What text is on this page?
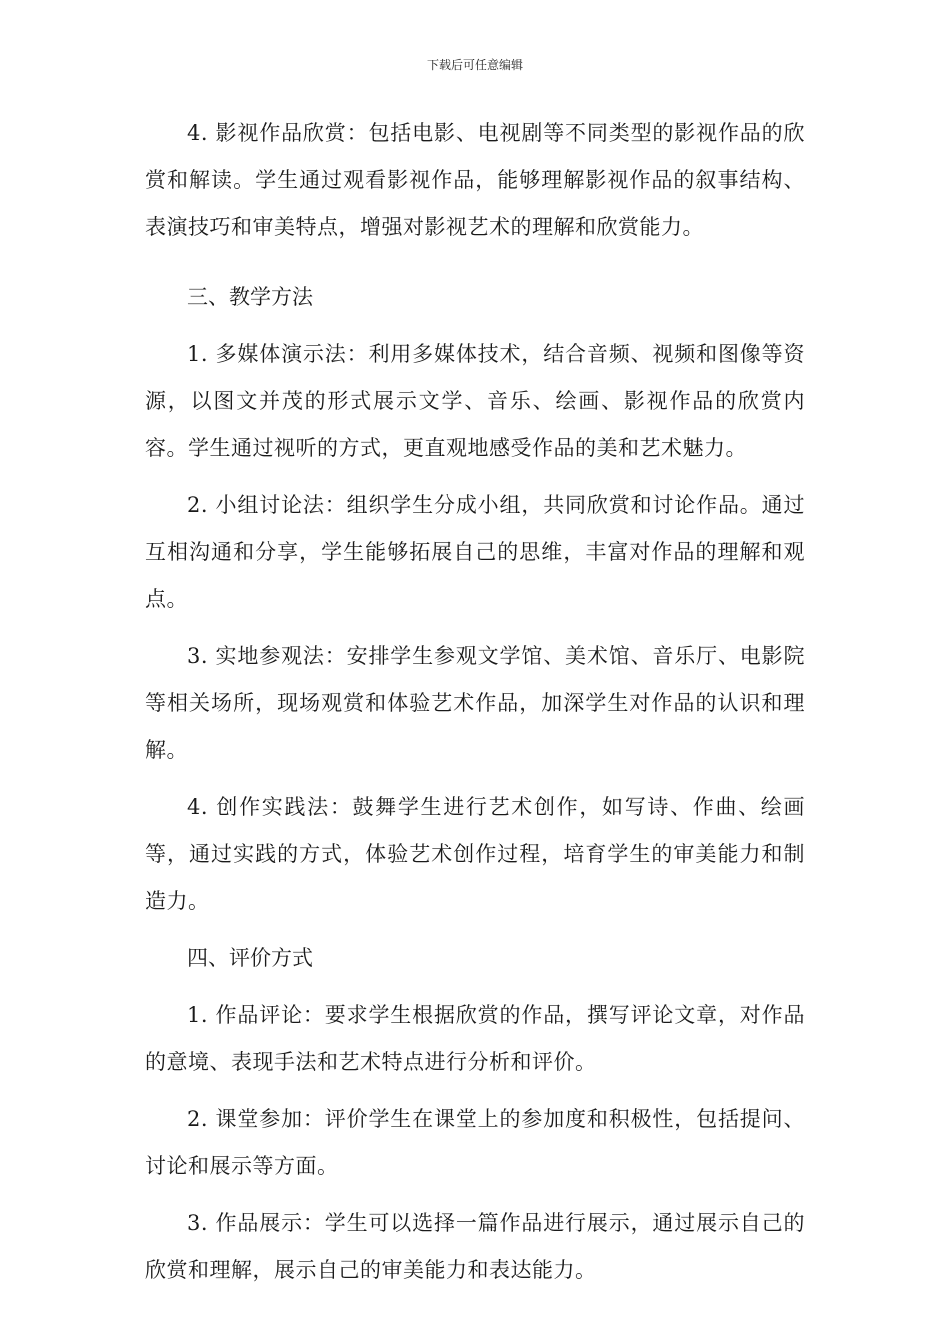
下载后可任意编辑

4. 影视作品欣赏：包括电影、电视剧等不同类型的影视作品的欣赏和解读。学生通过观看影视作品，能够理解影视作品的叙事结构、表演技巧和审美特点，增强对影视艺术的理解和欣赏能力。

三、教学方法

1. 多媒体演示法：利用多媒体技术，结合音频、视频和图像等资源，以图文并茂的形式展示文学、音乐、绘画、影视作品的欣赏内容。学生通过视听的方式，更直观地感受作品的美和艺术魅力。

2. 小组讨论法：组织学生分成小组，共同欣赏和讨论作品。通过互相沟通和分享，学生能够拓展自己的思维，丰富对作品的理解和观点。

3. 实地参观法：安排学生参观文学馆、美术馆、音乐厅、电影院等相关场所，现场观赏和体验艺术作品，加深学生对作品的认识和理解。

4. 创作实践法：鼓舞学生进行艺术创作，如写诗、作曲、绘画等，通过实践的方式，体验艺术创作过程，培育学生的审美能力和制造力。

四、评价方式

1. 作品评论：要求学生根据欣赏的作品，撰写评论文章，对作品的意境、表现手法和艺术特点进行分析和评价。

2. 课堂参加：评价学生在课堂上的参加度和积极性，包括提问、讨论和展示等方面。

3. 作品展示：学生可以选择一篇作品进行展示，通过展示自己的欣赏和理解，展示自己的审美能力和表达能力。
